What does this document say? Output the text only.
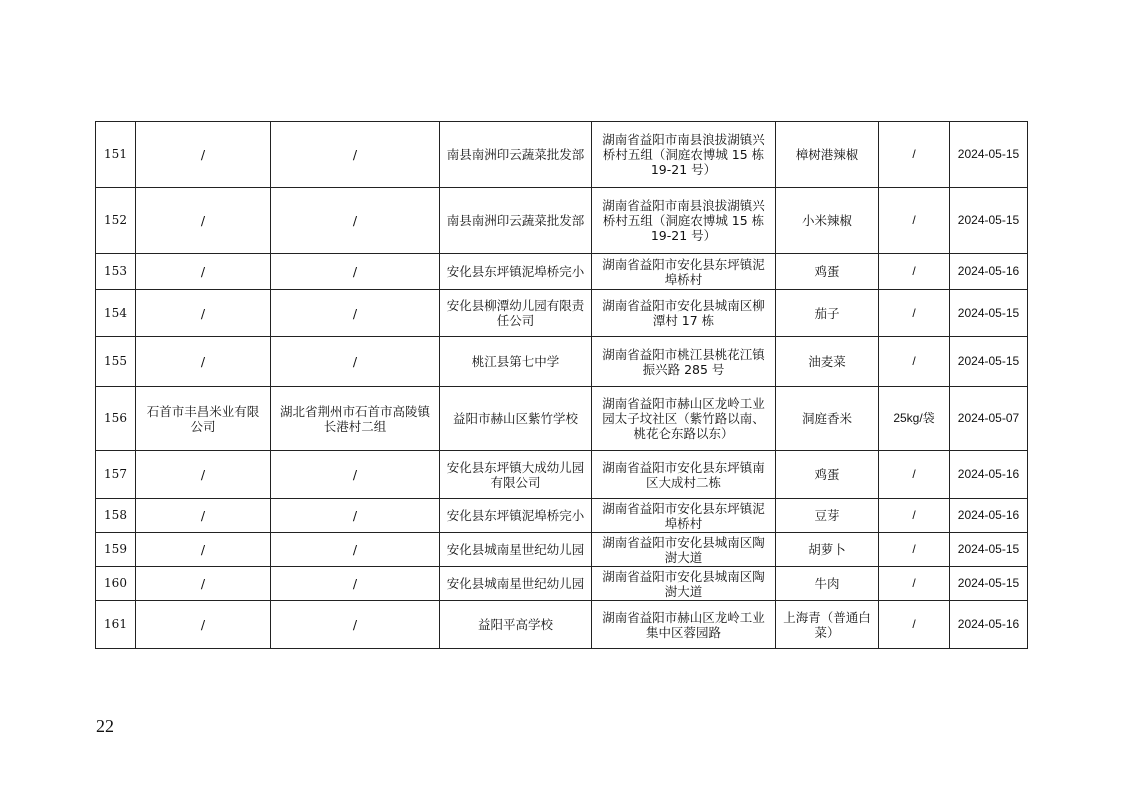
151	/	/	南县南洲印云蔬菜批发部	湖南省益阳市南县浪拔湖镇兴桥村五组（洞庭农博城 15 栋 19-21 号）	樟树港辣椒	/	2024-05-15
152	/	/	南县南洲印云蔬菜批发部	湖南省益阳市南县浪拔湖镇兴桥村五组（洞庭农博城 15 栋 19-21 号）	小米辣椒	/	2024-05-15
153	/	/	安化县东坪镇泥埠桥完小	湖南省益阳市安化县东坪镇泥埠桥村	鸡蛋	/	2024-05-16
154	/	/	安化县柳潭幼儿园有限责任公司	湖南省益阳市安化县城南区柳潭村 17 栋	茄子	/	2024-05-15
155	/	/	桃江县第七中学	湖南省益阳市桃江县桃花江镇振兴路 285 号	油麦菜	/	2024-05-15
156	石首市丰昌米业有限公司	湖北省荆州市石首市高陵镇长港村二组	益阳市赫山区紫竹学校	湖南省益阳市赫山区龙岭工业园太子坟社区（紫竹路以南、桃花仑东路以东）	洞庭香米	25kg/袋	2024-05-07
157	/	/	安化县东坪镇大成幼儿园有限公司	湖南省益阳市安化县东坪镇南区大成村二栋	鸡蛋	/	2024-05-16
158	/	/	安化县东坪镇泥埠桥完小	湖南省益阳市安化县东坪镇泥埠桥村	豆芽	/	2024-05-16
159	/	/	安化县城南星世纪幼儿园	湖南省益阳市安化县城南区陶澍大道	胡萝卜	/	2024-05-15
160	/	/	安化县城南星世纪幼儿园	湖南省益阳市安化县城南区陶澍大道	牛肉	/	2024-05-15
161	/	/	益阳平高学校	湖南省益阳市赫山区龙岭工业集中区蓉园路	上海青（普通白菜）	/	2024-05-16
22
